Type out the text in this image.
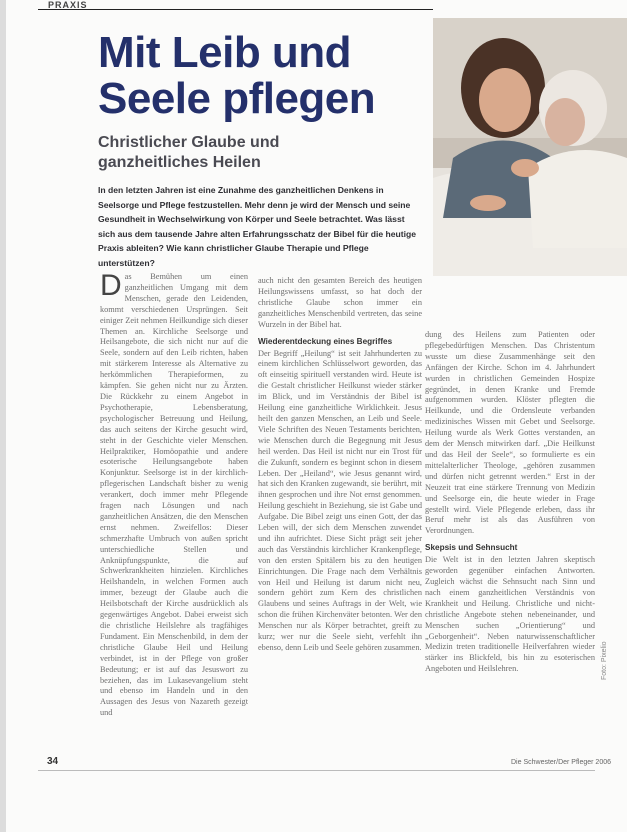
PRAXIS
Mit Leib und
Seele pflegen
Christlicher Glaube und
ganzheitliches Heilen

In den letzten Jahren ist eine Zunahme des ganzheitlichen Denkens in Seelsorge und Pflege festzustellen. Mehr denn je wird der Mensch und seine Gesundheit in Wechselwirkung von Körper und Seele betrachtet. Was lässt sich aus dem tausende Jahre alten Erfahrungsschatz der Bibel für die heutige Praxis ableiten? Wie kann christlicher Glaube Therapie und Pflege unterstützen?

D as Bemühen um einen ganzheitlichen Umgang mit dem Menschen, gerade den Leidenden, kommt verschiedenen Ursprüngen. Seit einiger Zeit nehmen Heilkundige sich dieser Themen an. Kirchliche Seelsorge und Heilsangebote, die sich nicht nur auf die Seele, sondern auf den Leib richten, haben mit stärkerem Interesse als Alternative zu herkömmlichen Therapieformen, zu kämpfen. Sie gehen nicht nur zu Ärzten. Die Rückkehr zu einem Angebot in Psychotherapie, Lebensberatung, psychologischer Betreuung und Heilung, das auch seitens der Kirche gesucht wird, steht in der Geschichte vieler Menschen. Heilpraktiker, Homöopathie und andere esoterische Heilungsangebote haben Konjunktur. Seelsorge ist in der kirchlich-pflegerischen Landschaft bisher zu wenig verankert, doch immer mehr Pflegende fragen nach Lösungen und nach ganzheitlichen Ansätzen, die den Menschen ernst nehmen. Zweifellos: Dieser schmerzhafte Umbruch von außen spricht unterschiedliche Stellen und Anknüpfungspunkte, die auf Schwerkrankheiten hinzielen. Kirchliches Heilshandeln, in welchen Formen auch immer, bezeugt der Glaube auch die Heilsbotschaft der Kirche ausdrücklich als gegenwärtiges Angebot. Dabei erweist sich die christliche Heilslehre als tragfähiges Fundament. Ein Menschenbild, in dem der christliche Glaube Heil und Heilung verbindet, ist in der Pflege von großer Bedeutung; er ist auf das Jesuswort zu beziehen, das im Lukasevangelium steht und ebenso im Handeln und in den Aussagen des Jesus von Nazareth gezeigt und

auch nicht den gesamten Bereich des heutigen Heilungswissens umfasst, so hat doch der christliche Glaube schon immer ein ganzheitliches Menschenbild vertreten, das seine Wurzeln in der Bibel hat.

Wiederentdeckung eines Begriffes

Der Begriff „Heilung“ ist seit Jahrhunderten zu einem kirchlichen Schlüsselwort geworden, das oft einseitig spirituell verstanden wird. Heute ist die Gestalt christlicher Heilkunst wieder stärker im Blick, und im Verständnis der Bibel ist Heilung eine ganzheitliche Wirklichkeit. Jesus heilt den ganzen Menschen, an Leib und Seele. Viele Schriften des Neuen Testaments berichten, wie Menschen durch die Begegnung mit Jesus heil werden. Das Heil ist nicht nur ein Trost für die Zukunft, sondern es beginnt schon in diesem Leben. Der „Heiland“, wie Jesus genannt wird, hat sich den Kranken zugewandt, sie berührt, mit ihnen gesprochen und ihre Not ernst genommen. Heilung geschieht in Beziehung, sie ist Gabe und Aufgabe. Die Bibel zeigt uns einen Gott, der das Leben will, der sich dem Menschen zuwendet und ihn aufrichtet. Diese Sicht prägt seit jeher auch das Verständnis kirchlicher Krankenpflege, von den ersten Spitälern bis zu den heutigen Einrichtungen. Die Frage nach dem Verhältnis von Heil und Heilung ist darum nicht neu, sondern gehört zum Kern des christlichen Glaubens und seines Auftrags in der Welt, wie schon die frühen Kirchenväter betonten. Wer den Menschen nur als Körper betrachtet, greift zu kurz; wer nur die Seele sieht, verfehlt ihn ebenso, denn Leib und Seele gehören zusammen.

dung des Heilens zum Patienten oder pflegebedürftigen Menschen. Das Christentum wusste um diese Zusammenhänge seit den Anfängen der Kirche. Schon im 4. Jahrhundert wurden in christlichen Gemeinden Hospize gegründet, in denen Kranke und Fremde aufgenommen wurden. Klöster pflegten die Heilkunde, und die Ordensleute verbanden medizinisches Wissen mit Gebet und Seelsorge. Heilung wurde als Werk Gottes verstanden, an dem der Mensch mitwirken darf. „Die Heilkunst und das Heil der Seele“, so formulierte es ein mittelalterlicher Theologe, „gehören zusammen und dürfen nicht getrennt werden.“ Erst in der Neuzeit trat eine stärkere Trennung von Medizin und Seelsorge ein, die heute wieder in Frage gestellt wird. Viele Pflegende erleben, dass ihr Beruf mehr ist als das Ausführen von Verordnungen.

Skepsis und Sehnsucht

Die Welt ist in den letzten Jahren skeptisch geworden gegenüber einfachen Antworten. Zugleich wächst die Sehnsucht nach Sinn und nach einem ganzheitlichen Verständnis von Krankheit und Heilung. Christliche und nicht-christliche Angebote stehen nebeneinander, und Menschen suchen „Orientierung“ und „Geborgenheit“. Neben naturwissenschaftlicher Medizin treten traditionelle Heilverfahren wieder stärker ins Blickfeld, bis hin zu esoterischen Angeboten und Heilslehren.	Foto: Pixelio
34	Die Schwester/Der Pfleger 2006
